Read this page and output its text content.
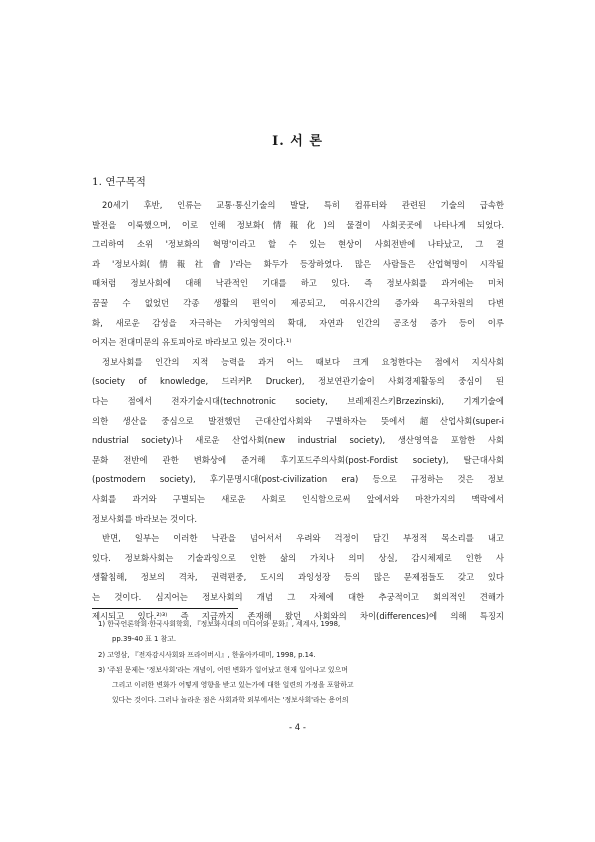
I. 서 론
1. 연구목적
20세기 후반, 인류는 교통·통신기술의 발달, 특히 컴퓨터와 관련된 기술의 급속한
발전을 이룩했으며, 이로 인해 정보화(情報化)의 물결이 사회곳곳에 나타나게 되었다.
그리하여 소위 '정보화의 혁명'이라고 할 수 있는 현상이 사회전반에 나타났고, 그 결
과 '정보사회(情報社會)'라는 화두가 등장하였다. 많은 사람들은 산업혁명이 시작될
때처럼 정보사회에 대해 낙관적인 기대를 하고 있다. 즉 정보사회를 과거에는 미처
꿈꿀 수 없었던 각종 생활의 편익이 제공되고, 여유시간의 증가와 욕구차원의 다변
화, 새로운 감성을 자극하는 가치영역의 확대, 자연과 인간의 공조성 증가 등이 이루
어지는 전대미문의 유토피아로 바라보고 있는 것이다.¹⁾
정보사회를 인간의 지적 능력을 과거 어느 때보다 크게 요청한다는 점에서 지식사회
(society of knowledge, 드러커P. Drucker), 정보연관기술이 사회경제활동의 중심이 된
다는 점에서 전자기술시대(technotronic society, 브레제진스키Brzezinski), 기계기술에
의한 생산을 중심으로 발전했던 근대산업사회와 구별하자는 뜻에서 超산업사회(super-i
ndustrial society)나 새로운 산업사회(new industrial society), 생산영역을 포함한 사회
문화 전반에 관한 변화상에 준거해 후기포드주의사회(post-Fordist society), 탈근대사회
(postmodern society), 후기문명시대(post-civilization era) 등으로 규정하는 것은 정보
사회를 과거와 구별되는 새로운 사회로 인식함으로써 앞에서와 마찬가지의 맥락에서
정보사회를 바라보는 것이다.
반면, 일부는 이러한 낙관을 넘어서서 우려와 걱정이 담긴 부정적 목소리를 내고
있다. 정보화사회는 기술과잉으로 인한 삶의 가치나 의미 상실, 감시체제로 인한 사
생활침해, 정보의 격차, 권력편중, 도시의 과잉성장 등의 많은 문제점들도 갖고 있다
는 것이다. 심지어는 정보사회의 개념 그 자체에 대한 추궁적이고 회의적인 견해가
제시되고 있다.²⁾³⁾ 즉 지금까지 존재해 왔던 사회와의 차이(differences)에 의해 특징지
1) 한국언론학회·한국사회학회, 『정보화시대의 미디어와 문화』, 세계사, 1998,
pp.39-40 표 1 참고.
2) 고영삼, 『전자감시사회와 프라이버시』, 한울아카데미, 1998, p.14.
3) '주된 문제는 '정보사회'라는 개념이, 어떤 변화가 일어났고 현재 일어나고 있으며
그리고 이러한 변화가 어떻게 영향을 받고 있는가에 대한 일련의 가정을 포함하고
있다는 것이다. 그러나 놀라운 점은 사회과학 외부에서는 '정보사회'라는 용어의
- 4 -
